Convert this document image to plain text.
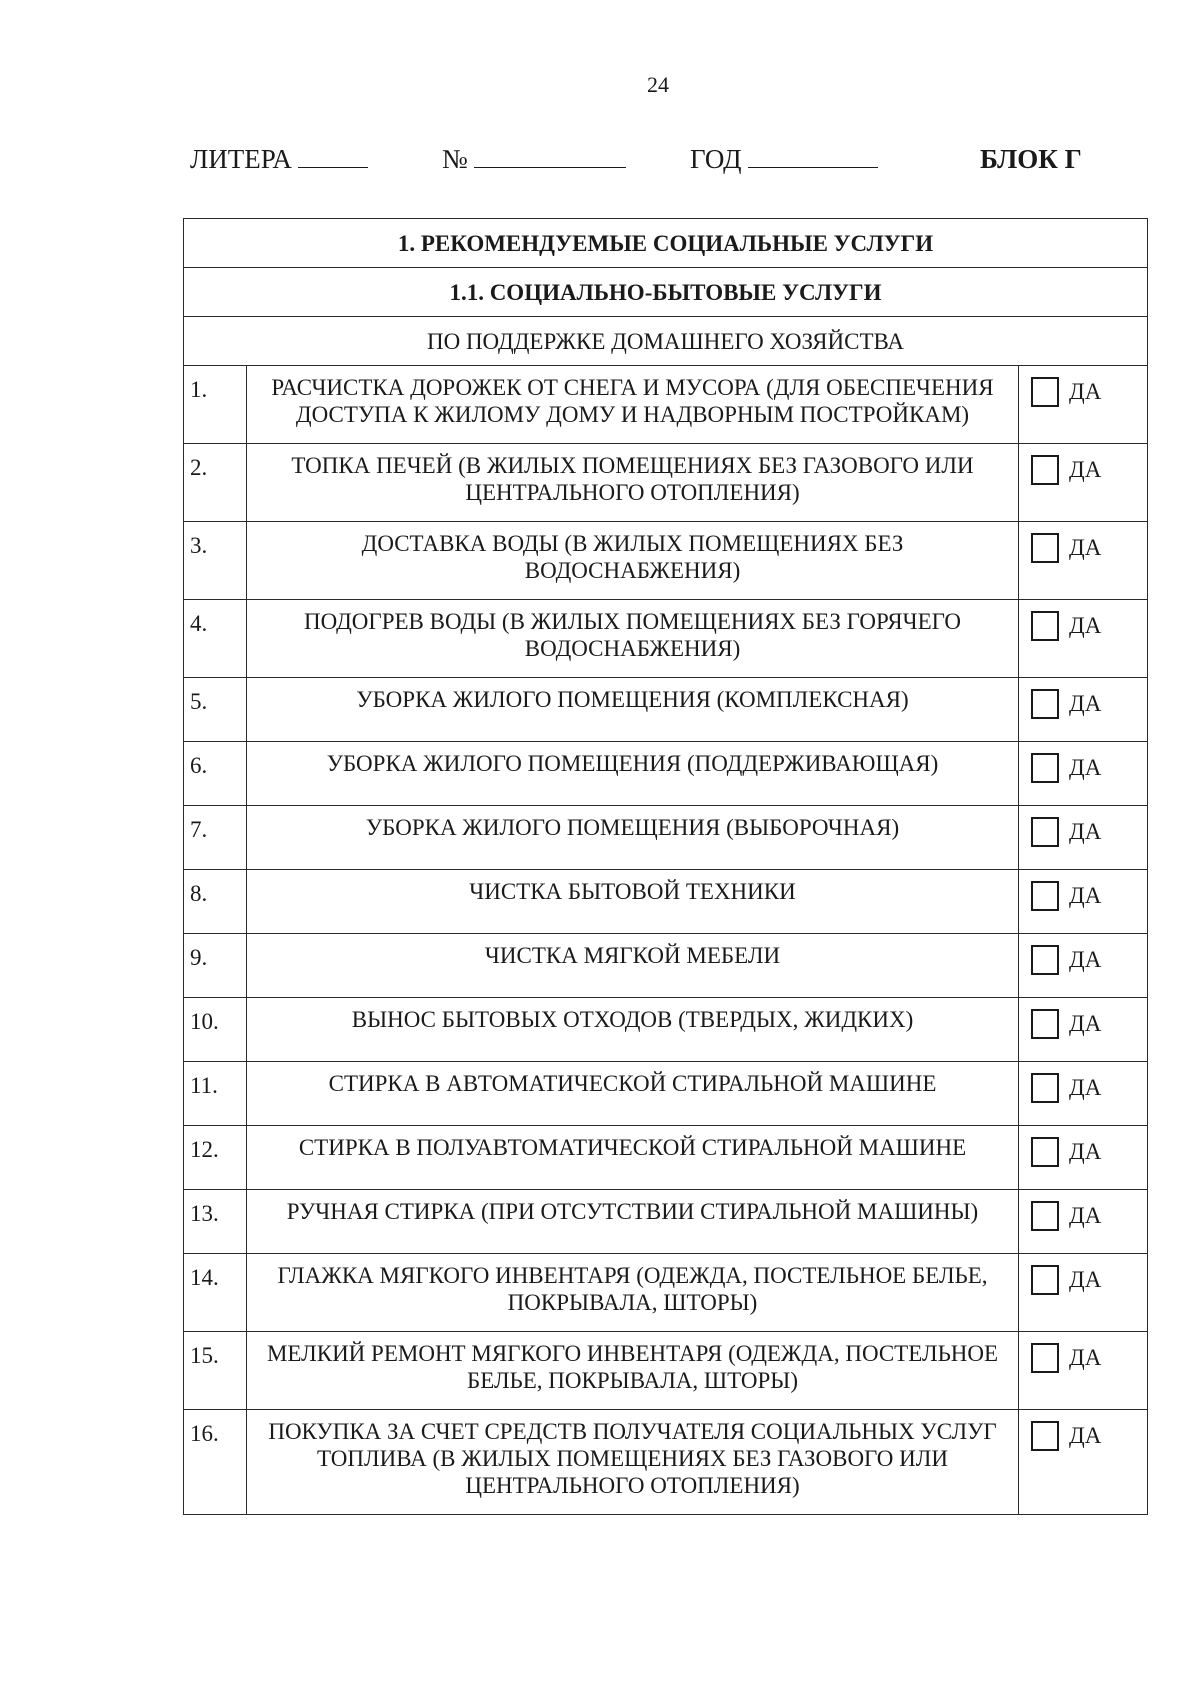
24
ЛИТЕРА	№	ГОД	БЛОК Г
1. РЕКОМЕНДУЕМЫЕ СОЦИАЛЬНЫЕ УСЛУГИ		
1.1. СОЦИАЛЬНО-БЫТОВЫЕ УСЛУГИ		
ПО ПОДДЕРЖКЕ ДОМАШНЕГО ХОЗЯЙСТВА		
1.	РАСЧИСТКА ДОРОЖЕК ОТ СНЕГА И МУСОРА (ДЛЯ ОБЕСПЕЧЕНИЯ
ДОСТУПА К ЖИЛОМУ ДОМУ И НАДВОРНЫМ ПОСТРОЙКАМ)	ДА
2.	ТОПКА ПЕЧЕЙ (В ЖИЛЫХ ПОМЕЩЕНИЯХ БЕЗ ГАЗОВОГО ИЛИ
ЦЕНТРАЛЬНОГО ОТОПЛЕНИЯ)	ДА
3.	ДОСТАВКА ВОДЫ (В ЖИЛЫХ ПОМЕЩЕНИЯХ БЕЗ
ВОДОСНАБЖЕНИЯ)	ДА
4.	ПОДОГРЕВ ВОДЫ (В ЖИЛЫХ ПОМЕЩЕНИЯХ БЕЗ ГОРЯЧЕГО
ВОДОСНАБЖЕНИЯ)	ДА
5.	УБОРКА ЖИЛОГО ПОМЕЩЕНИЯ (КОМПЛЕКСНАЯ)	ДА
6.	УБОРКА ЖИЛОГО ПОМЕЩЕНИЯ (ПОДДЕРЖИВАЮЩАЯ)	ДА
7.	УБОРКА ЖИЛОГО ПОМЕЩЕНИЯ (ВЫБОРОЧНАЯ)	ДА
8.	ЧИСТКА БЫТОВОЙ ТЕХНИКИ	ДА
9.	ЧИСТКА МЯГКОЙ МЕБЕЛИ	ДА
10.	ВЫНОС БЫТОВЫХ ОТХОДОВ (ТВЕРДЫХ, ЖИДКИХ)	ДА
11.	СТИРКА В АВТОМАТИЧЕСКОЙ СТИРАЛЬНОЙ МАШИНЕ	ДА
12.	СТИРКА В ПОЛУАВТОМАТИЧЕСКОЙ СТИРАЛЬНОЙ МАШИНЕ	ДА
13.	РУЧНАЯ СТИРКА (ПРИ ОТСУТСТВИИ СТИРАЛЬНОЙ МАШИНЫ)	ДА
14.	ГЛАЖКА МЯГКОГО ИНВЕНТАРЯ (ОДЕЖДА, ПОСТЕЛЬНОЕ БЕЛЬЕ,
ПОКРЫВАЛА, ШТОРЫ)	ДА
15.	МЕЛКИЙ РЕМОНТ МЯГКОГО ИНВЕНТАРЯ (ОДЕЖДА, ПОСТЕЛЬНОЕ
БЕЛЬЕ, ПОКРЫВАЛА, ШТОРЫ)	ДА
16.	ПОКУПКА ЗА СЧЕТ СРЕДСТВ ПОЛУЧАТЕЛЯ СОЦИАЛЬНЫХ УСЛУГ
ТОПЛИВА (В ЖИЛЫХ ПОМЕЩЕНИЯХ БЕЗ ГАЗОВОГО ИЛИ
ЦЕНТРАЛЬНОГО ОТОПЛЕНИЯ)	ДА
